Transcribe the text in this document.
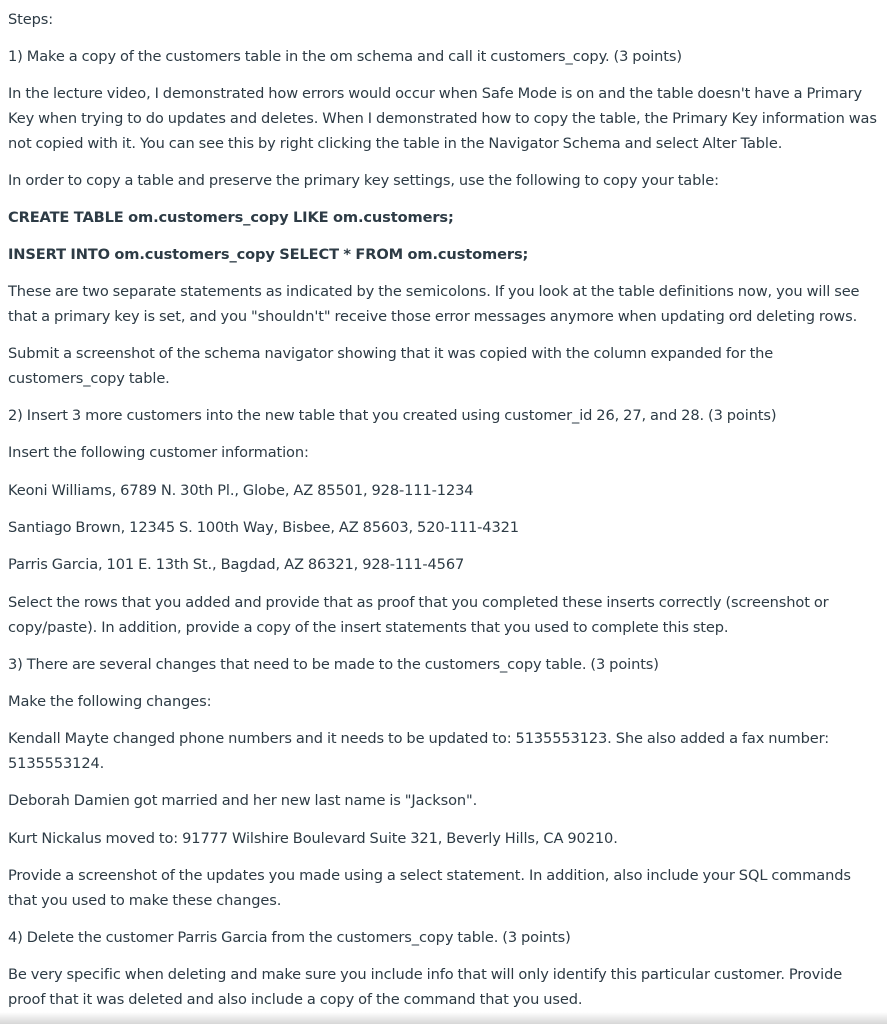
Steps:

1) Make a copy of the customers table in the om schema and call it customers_copy. (3 points)

In the lecture video, I demonstrated how errors would occur when Safe Mode is on and the table doesn't have a Primary Key when trying to do updates and deletes. When I demonstrated how to copy the table, the Primary Key information was not copied with it. You can see this by right clicking the table in the Navigator Schema and select Alter Table.

In order to copy a table and preserve the primary key settings, use the following to copy your table:

CREATE TABLE om.customers_copy LIKE om.customers;

INSERT INTO om.customers_copy SELECT * FROM om.customers;

These are two separate statements as indicated by the semicolons. If you look at the table definitions now, you will see that a primary key is set, and you "shouldn't" receive those error messages anymore when updating ord deleting rows.

Submit a screenshot of the schema navigator showing that it was copied with the column expanded for the customers_copy table.

2) Insert 3 more customers into the new table that you created using customer_id 26, 27, and 28. (3 points)

Insert the following customer information:

Keoni Williams, 6789 N. 30th Pl., Globe, AZ 85501, 928-111-1234

Santiago Brown, 12345 S. 100th Way, Bisbee, AZ 85603, 520-111-4321

Parris Garcia, 101 E. 13th St., Bagdad, AZ 86321, 928-111-4567

Select the rows that you added and provide that as proof that you completed these inserts correctly (screenshot or copy/paste). In addition, provide a copy of the insert statements that you used to complete this step.

3) There are several changes that need to be made to the customers_copy table. (3 points)

Make the following changes:

Kendall Mayte changed phone numbers and it needs to be updated to: 5135553123. She also added a fax number: 5135553124.

Deborah Damien got married and her new last name is "Jackson".

Kurt Nickalus moved to: 91777 Wilshire Boulevard Suite 321, Beverly Hills, CA 90210.

Provide a screenshot of the updates you made using a select statement. In addition, also include your SQL commands that you used to make these changes.

4) Delete the customer Parris Garcia from the customers_copy table. (3 points)

Be very specific when deleting and make sure you include info that will only identify this particular customer. Provide proof that it was deleted and also include a copy of the command that you used.
